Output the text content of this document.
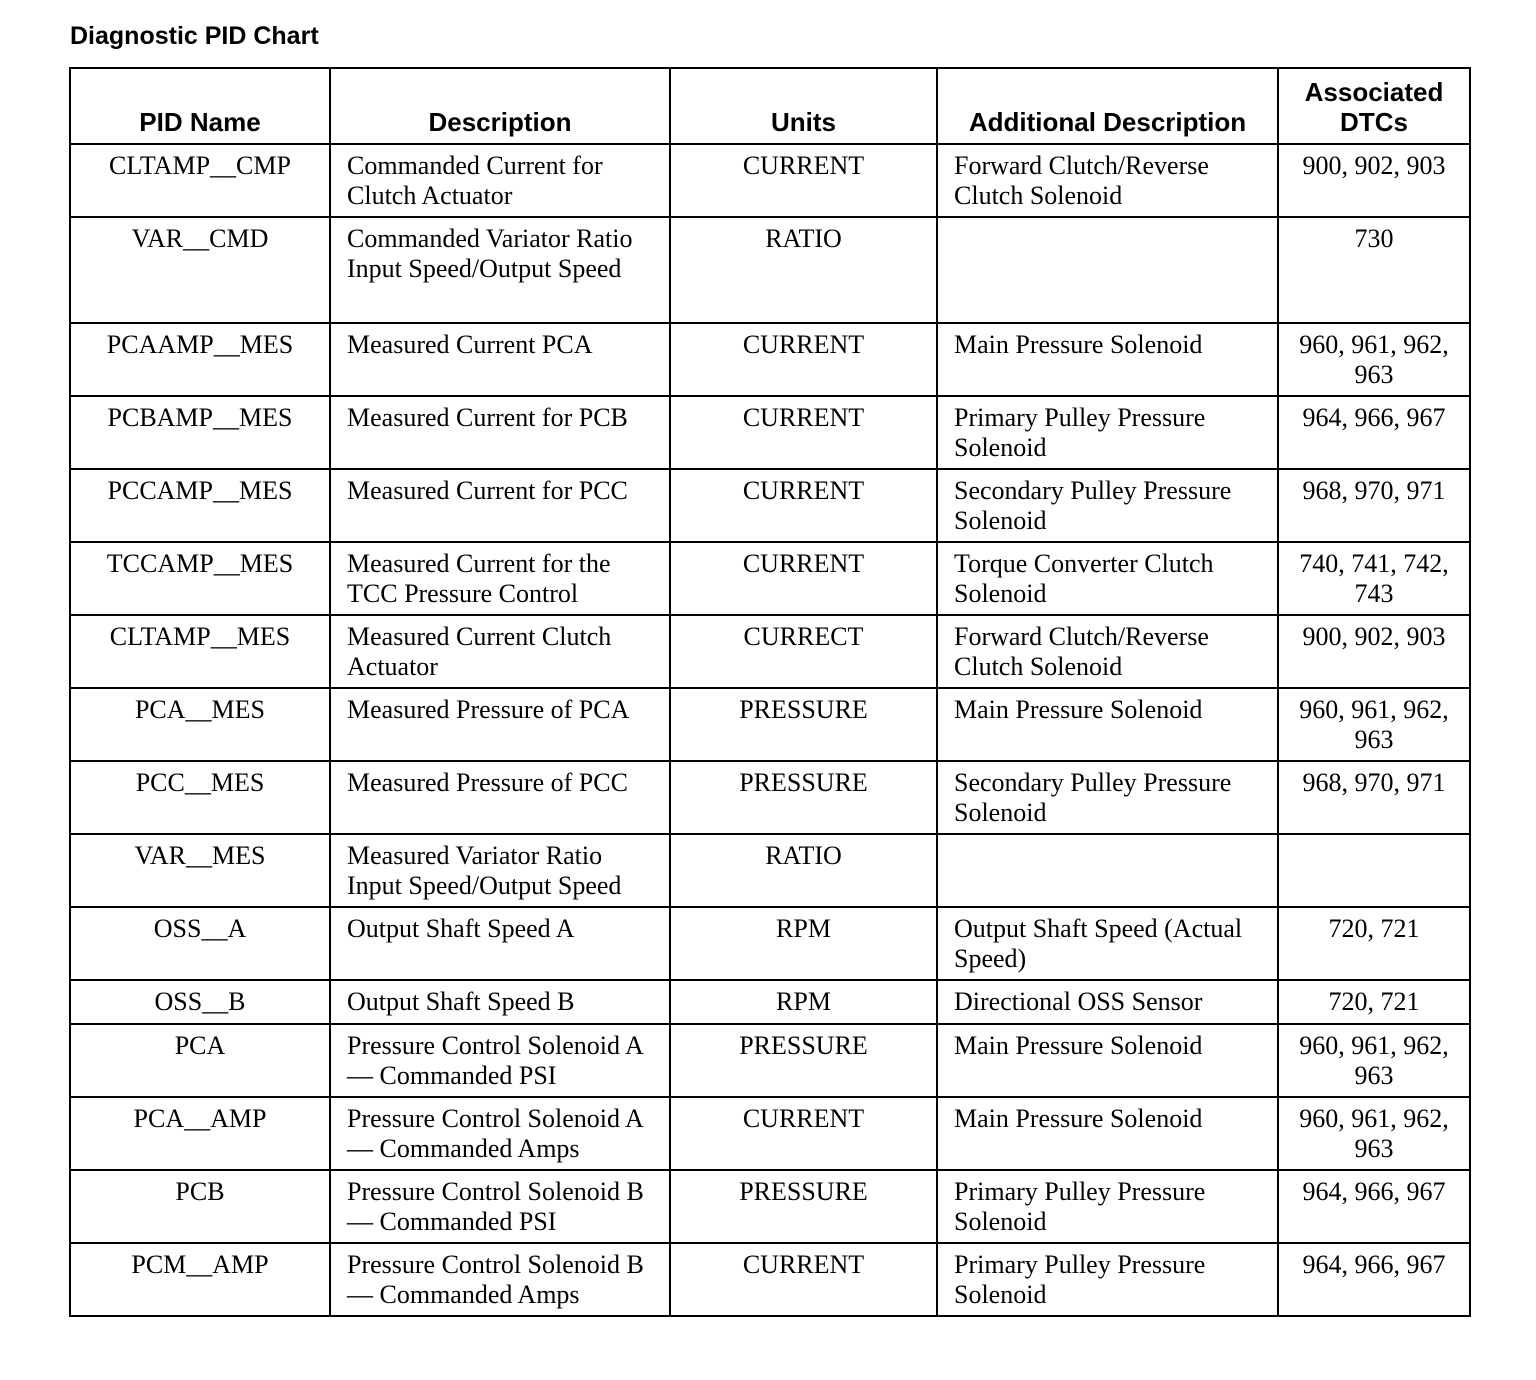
Diagnostic PID Chart
PID Name	Description	Units	Additional Description	Associated DTCs
CLTAMP__CMP	Commanded Current for Clutch Actuator	CURRENT	Forward Clutch/Reverse Clutch Solenoid	900, 902, 903
VAR__CMD	Commanded Variator Ratio Input Speed/Output Speed	RATIO		730
PCAAMP__MES	Measured Current PCA	CURRENT	Main Pressure Solenoid	960, 961, 962, 963
PCBAMP__MES	Measured Current for PCB	CURRENT	Primary Pulley Pressure Solenoid	964, 966, 967
PCCAMP__MES	Measured Current for PCC	CURRENT	Secondary Pulley Pressure Solenoid	968, 970, 971
TCCAMP__MES	Measured Current for the TCC Pressure Control	CURRENT	Torque Converter Clutch Solenoid	740, 741, 742, 743
CLTAMP__MES	Measured Current Clutch Actuator	CURRECT	Forward Clutch/Reverse Clutch Solenoid	900, 902, 903
PCA__MES	Measured Pressure of PCA	PRESSURE	Main Pressure Solenoid	960, 961, 962, 963
PCC__MES	Measured Pressure of PCC	PRESSURE	Secondary Pulley Pressure Solenoid	968, 970, 971
VAR__MES	Measured Variator Ratio Input Speed/Output Speed	RATIO		
OSS__A	Output Shaft Speed A	RPM	Output Shaft Speed (Actual Speed)	720, 721
OSS__B	Output Shaft Speed B	RPM	Directional OSS Sensor	720, 721
PCA	Pressure Control Solenoid A — Commanded PSI	PRESSURE	Main Pressure Solenoid	960, 961, 962, 963
PCA__AMP	Pressure Control Solenoid A — Commanded Amps	CURRENT	Main Pressure Solenoid	960, 961, 962, 963
PCB	Pressure Control Solenoid B — Commanded PSI	PRESSURE	Primary Pulley Pressure Solenoid	964, 966, 967
PCM__AMP	Pressure Control Solenoid B — Commanded Amps	CURRENT	Primary Pulley Pressure Solenoid	964, 966, 967
